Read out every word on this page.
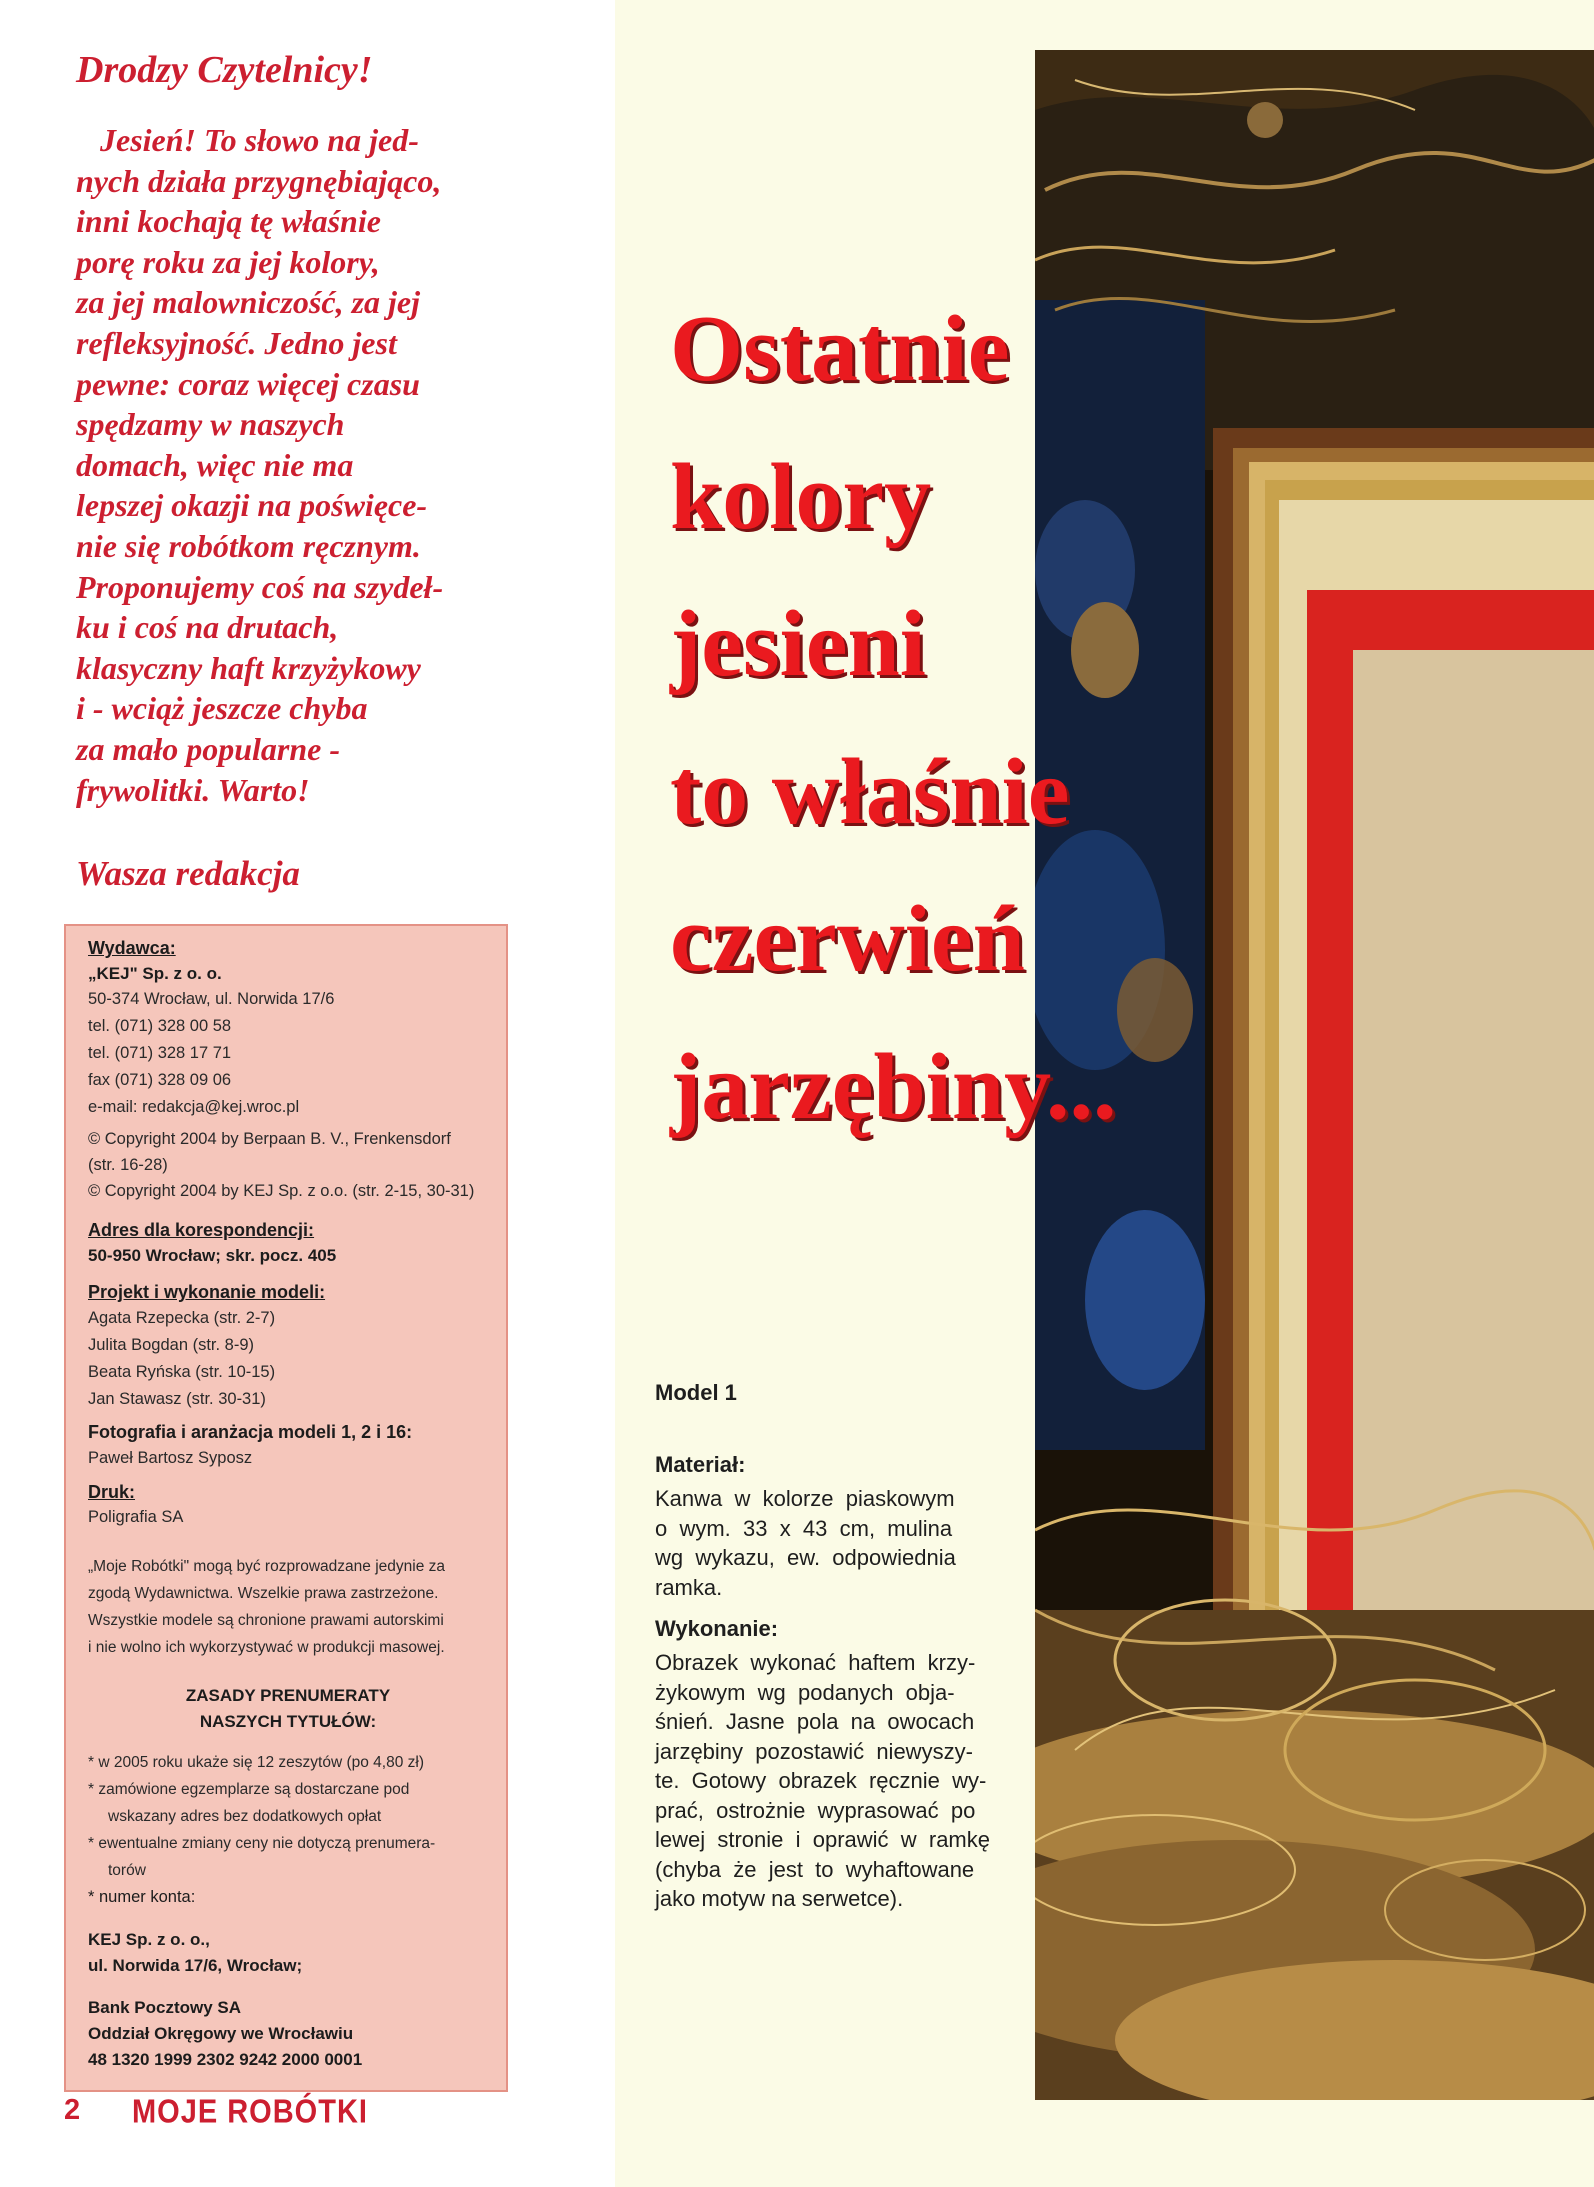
Drodzy Czytelnicy!
Jesień! To słowo na jed-
nych działa przygnębiająco,
inni kochają tę właśnie
porę roku za jej kolory,
za jej malowniczość, za jej
refleksyjność. Jedno jest
pewne: coraz więcej czasu
spędzamy w naszych
domach, więc nie ma
lepszej okazji na poświęce-
nie się robótkom ręcznym.
Proponujemy coś na szydeł-
ku i coś na drutach,
klasyczny haft krzyżykowy
i - wciąż jeszcze chyba
za mało popularne -
frywolitki. Warto!
Wasza redakcja
Wydawca:
„KEJ" Sp. z o. o.
50-374 Wrocław, ul. Norwida 17/6
tel. (071) 328 00 58
tel. (071) 328 17 71
fax (071) 328 09 06
e-mail: redakcja@kej.wroc.pl
© Copyright 2004 by Berpaan B. V., Frenkensdorf
(str. 16-28)
© Copyright 2004 by KEJ Sp. z o.o. (str. 2-15, 30-31)
Adres dla korespondencji:
50-950 Wrocław; skr. pocz. 405
Projekt i wykonanie modeli:
Agata Rzepecka (str. 2-7)
Julita Bogdan (str. 8-9)
Beata Ryńska (str. 10-15)
Jan Stawasz (str. 30-31)
Fotografia i aranżacja modeli 1, 2 i 16:
Paweł Bartosz Syposz
Druk:
Poligrafia SA
„Moje Robótki" mogą być rozprowadzane jedynie za
zgodą Wydawnictwa. Wszelkie prawa zastrzeżone.
Wszystkie modele są chronione prawami autorskimi
i nie wolno ich wykorzystywać w produkcji masowej.
ZASADY PRENUMERATY
NASZYCH TYTUŁÓW:
* w 2005 roku ukaże się 12 zeszytów (po 4,80 zł)
* zamówione egzemplarze są dostarczane pod
wskazany adres bez dodatkowych opłat
* ewentualne zmiany ceny nie dotyczą prenumera-
torów
* numer konta:
KEJ Sp. z o. o.,
ul. Norwida 17/6, Wrocław;
Bank Pocztowy SA
Oddział Okręgowy we Wrocławiu
48 1320 1999 2302 9242 2000 0001
2 MOJE ROBÓTKI
Ostatnie
kolory
jesieni
to właśnie
czerwień
jarzębiny...
Model 1
Materiał:
Kanwa  w  kolorze  piaskowym
o  wym.  33  x  43  cm,  mulina
wg  wykazu,  ew.  odpowiednia
ramka.
Wykonanie:
Obrazek  wykonać  haftem  krzy-
żykowym  wg  podanych  obja-
śnień.  Jasne  pola  na  owocach
jarzębiny  pozostawić  niewyszy-
te.  Gotowy  obrazek  ręcznie  wy-
prać,  ostrożnie  wyprasować  po
lewej  stronie  i  oprawić  w  ramkę
(chyba  że  jest  to  wyhaftowane
jako motyw na serwetce).
